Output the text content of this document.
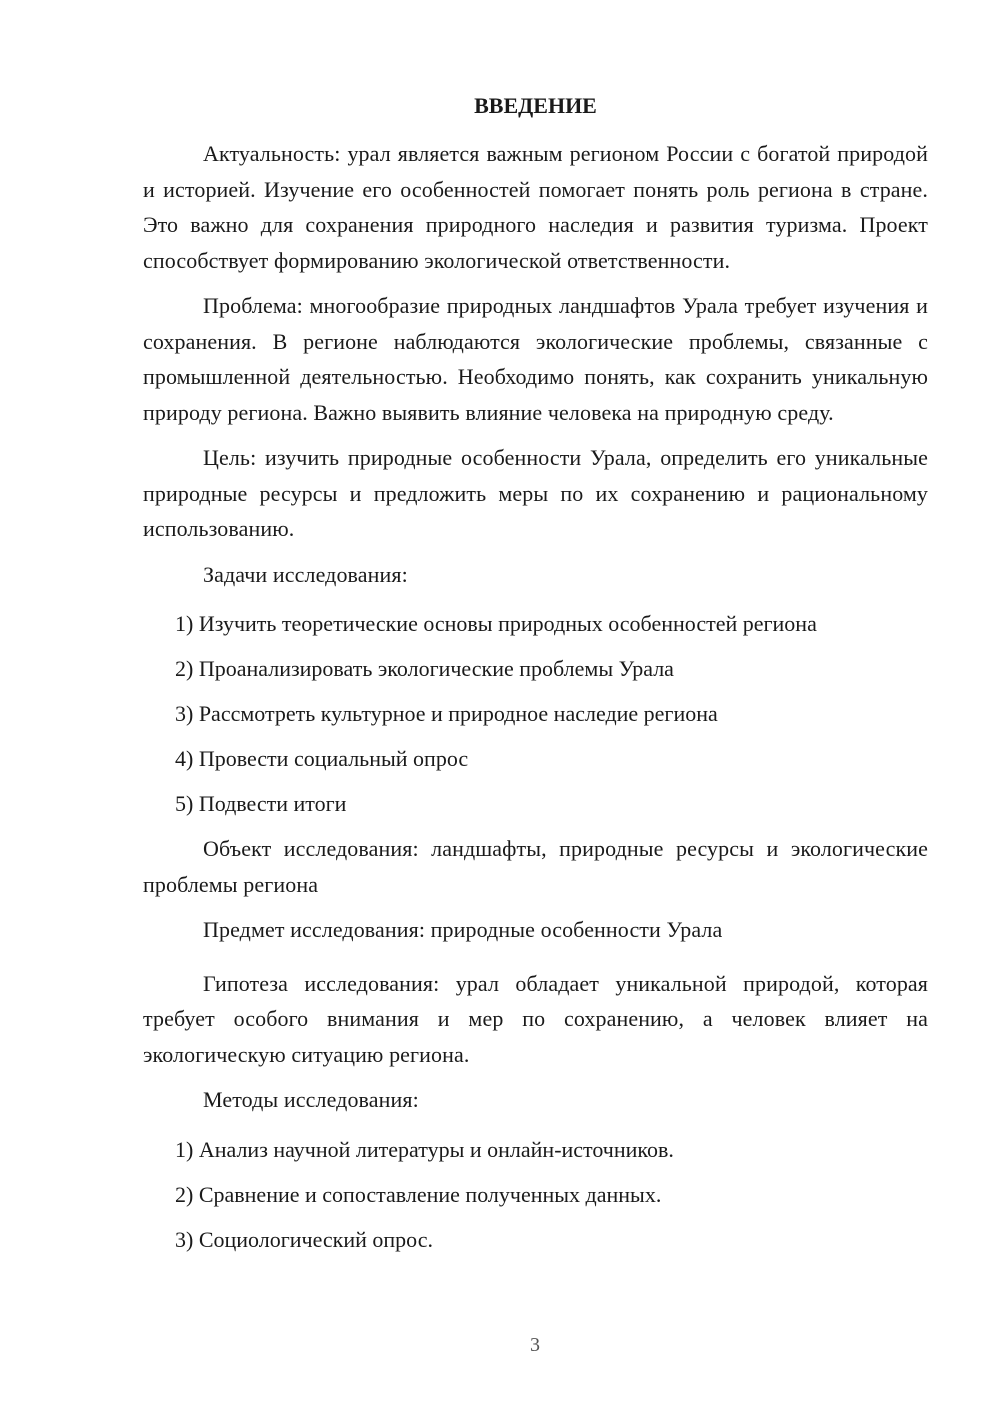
ВВЕДЕНИЕ

Актуальность: урал является важным регионом России с богатой природой и историей. Изучение его особенностей помогает понять роль региона в стране. Это важно для сохранения природного наследия и развития туризма. Проект способствует формированию экологической ответственности.

Проблема: многообразие природных ландшафтов Урала требует изучения и сохранения. В регионе наблюдаются экологические проблемы, связанные с промышленной деятельностью. Необходимо понять, как сохранить уникальную природу региона. Важно выявить влияние человека на природную среду.

Цель: изучить природные особенности Урала, определить его уникальные природные ресурсы и предложить меры по их сохранению и рациональному использованию.

Задачи исследования:

1) Изучить теоретические основы природных особенностей региона
2) Проанализировать экологические проблемы Урала
3) Рассмотреть культурное и природное наследие региона
4) Провести социальный опрос
5) Подвести итоги

Объект исследования: ландшафты, природные ресурсы и экологические проблемы региона

Предмет исследования: природные особенности Урала

Гипотеза исследования: урал обладает уникальной природой, которая требует особого внимания и мер по сохранению, а человек влияет на экологическую ситуацию региона.

Методы исследования:

1) Анализ научной литературы и онлайн-источников.
2) Сравнение и сопоставление полученных данных.
3) Социологический опрос.
3
